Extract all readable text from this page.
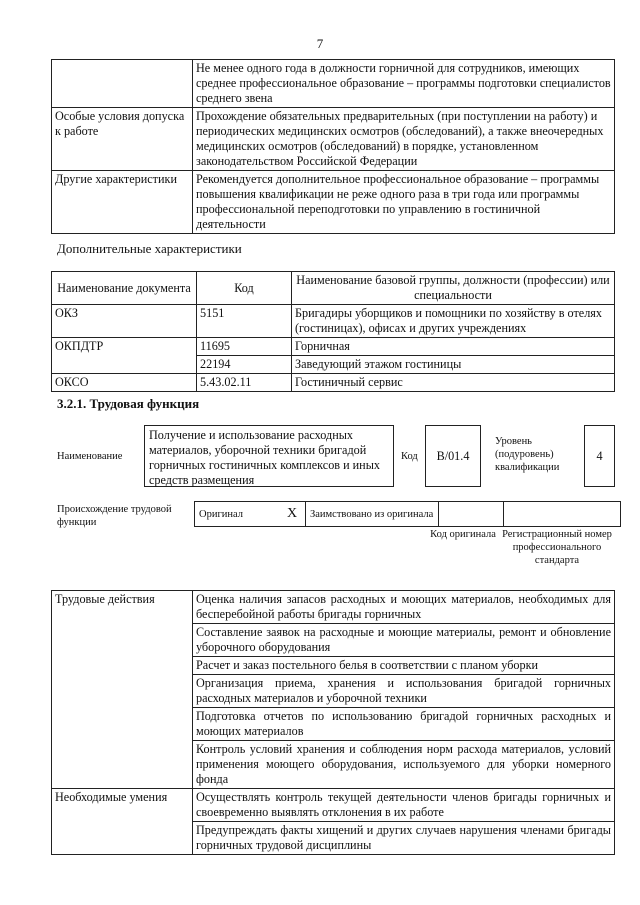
7
	Не менее одного года в должности горничной для сотрудников, имеющих среднее профессиональное образование – программы подготовки специалистов среднего звена
Особые условия допуска к работе	Прохождение обязательных предварительных (при поступлении на работу) и периодических медицинских осмотров (обследований), а также внеочередных медицинских осмотров (обследований) в порядке, установленном законодательством Российской Федерации
Другие характеристики	Рекомендуется дополнительное профессиональное образование – программы повышения квалификации не реже одного раза в три года или программы профессиональной переподготовки по управлению в гостиничной деятельности
Дополнительные характеристики
Наименование документа	Код	Наименование базовой группы, должности (профессии) или специальности
ОКЗ	5151	Бригадиры уборщиков и помощники по хозяйству в отелях (гостиницах), офисах и других учреждениях
ОКПДТР	11695	Горничная
	22194	Заведующий этажом гостиницы
ОКСО	5.43.02.11	Гостиничный сервис
3.2.1. Трудовая функция
Наименование
Получение и использование расходных материалов, уборочной техники бригадой горничных гостиничных комплексов и иных средств размещения
Код	B/01.4
Уровень (подуровень) квалификации
4
Происхождение трудовой функции
Оригинал	X	Заимствовано из оригинала		
Код оригинала Регистрационный номер профессионального стандарта
Трудовые действия	Оценка наличия запасов расходных и моющих материалов, необходимых для бесперебойной работы бригады горничных
	Составление заявок на расходные и моющие материалы, ремонт и обновление уборочного оборудования
	Расчет и заказ постельного белья в соответствии с планом уборки
	Организация приема, хранения и использования бригадой горничных расходных материалов и уборочной техники
	Подготовка отчетов по использованию бригадой горничных расходных и моющих материалов
	Контроль условий хранения и соблюдения норм расхода материалов, условий применения моющего оборудования, используемого для уборки номерного фонда
Необходимые умения	Осуществлять контроль текущей деятельности членов бригады горничных и своевременно выявлять отклонения в их работе
	Предупреждать факты хищений и других случаев нарушения членами бригады горничных трудовой дисциплины
